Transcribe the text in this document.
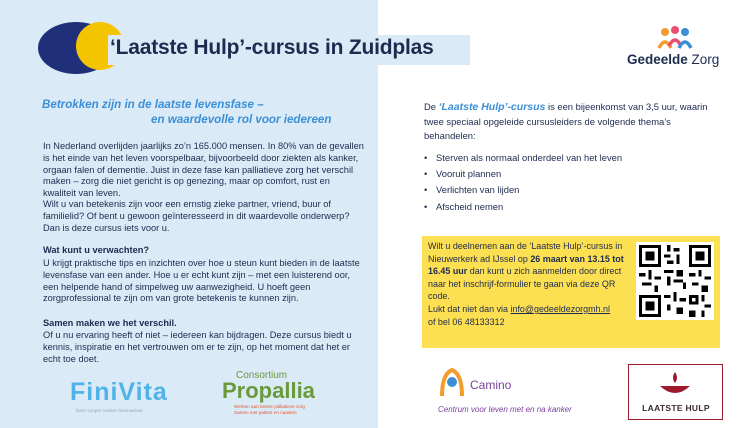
‘Laatste Hulp’-cursus in Zuidplas
Betrokken zijn in de laatste levensfase –
en waardevolle rol voor iedereen

In Nederland overlijden jaarlijks zo’n 165.000 mensen. In 80% van de gevallen is het einde van het leven voorspelbaar, bijvoorbeeld door ziekten als kanker, orgaan falen of dementie. Juist in deze fase kan palliatieve zorg het verschil maken – zorg die niet gericht is op genezing, maar op comfort, rust en kwaliteit van leven.

Wilt u van betekenis zijn voor een ernstig zieke partner, vriend, buur of familielid? Of bent u gewoon geïnteresseerd in dit waardevolle onderwerp? Dan is deze cursus iets voor u.

Wat kunt u verwachten?

U krijgt praktische tips en inzichten over hoe u steun kunt bieden in de laatste levensfase van een ander. Hoe u er echt kunt zijn – met een luisterend oor, een helpende hand of simpelweg uw aanwezigheid. U hoeft geen zorgprofessional te zijn om van grote betekenis te kunnen zijn.

Samen maken we het verschil.

Of u nu ervaring heeft of niet – iedereen kan bijdragen. Deze cursus biedt u kennis, inspiratie en het vertrouwen om er te zijn, op het moment dat het er echt toe doet.

Gedeelde Zorg

De ‘Laatste Hulp’-cursus is een bijeenkomst van 3,5 uur, waarin twee speciaal opgeleide cursusleiders de volgende thema’s behandelen:

• Sterven als normaal onderdeel van het leven
• Vooruit plannen
• Verlichten van lijden
• Afscheid nemen

Wilt u deelnemen aan de ‘Laatste Hulp’-cursus in Nieuwerkerk ad IJssel op 26 maart van 13.15 tot 16.45 uur dan kunt u zich aanmelden door direct naar het inschrijf-formulier te gaan via deze QR code.
Lukt dat niet dan via info@gedeeldezorgmh.nl
of bel 06 48133312

FiniVita
beter zorgen rondom levenseinde
Consortium
Propallia
Werken aan betere palliatieve zorg
Samen met patiënt en naasten
Camino
Centrum voor leven met en na kanker	LAATSTE HULP
